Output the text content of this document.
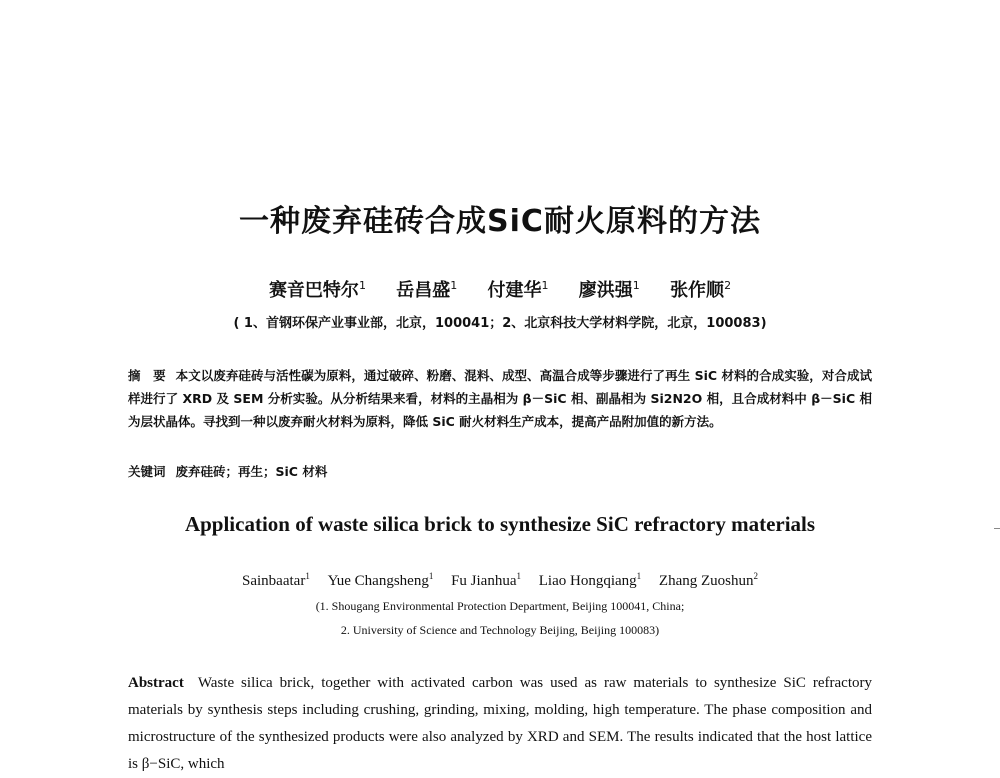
一种废弃硅砖合成SiC耐火原料的方法
赛音巴特尔$^1$ 岳昌盛$^1$ 付建华$^1$ 廖洪强$^1$ 张作顺$^2$
( 1、首钢环保产业事业部，北京，100041；2、北京科技大学材料学院，北京，100083)
摘　要 本文以废弃硅砖与活性碳为原料，通过破碎、粉磨、混料、成型、高温合成等步骤进行了再生 SiC 材料的合成实验，对合成试样进行了 XRD 及 SEM 分析实验。从分析结果来看，材料的主晶相为 β－SiC 相、副晶相为 Si2N2O 相，且合成材料中 β－SiC 相为层状晶体。寻找到一种以废弃耐火材料为原料，降低 SiC 耐火材料生产成本，提高产品附加值的新方法。
关键词 废弃硅砖；再生；SiC 材料
Application of waste silica brick to synthesize SiC refractory materials
Sainbaatar$^1$ Yue Changsheng$^1$ Fu Jianhua$^1$ Liao Hongqiang$^1$ Zhang Zuoshun$^2$
(1. Shougang Environmental Protection Department, Beijing 100041, China;
2. University of Science and Technology Beijing, Beijing 100083)
Abstract Waste silica brick, together with activated carbon was used as raw materials to synthesize SiC refractory materials by synthesis steps including crushing, grinding, mixing, molding, high temperature. The phase composition and microstructure of the synthesized products were also analyzed by XRD and SEM. The results indicated that the host lattice is β−SiC, which
